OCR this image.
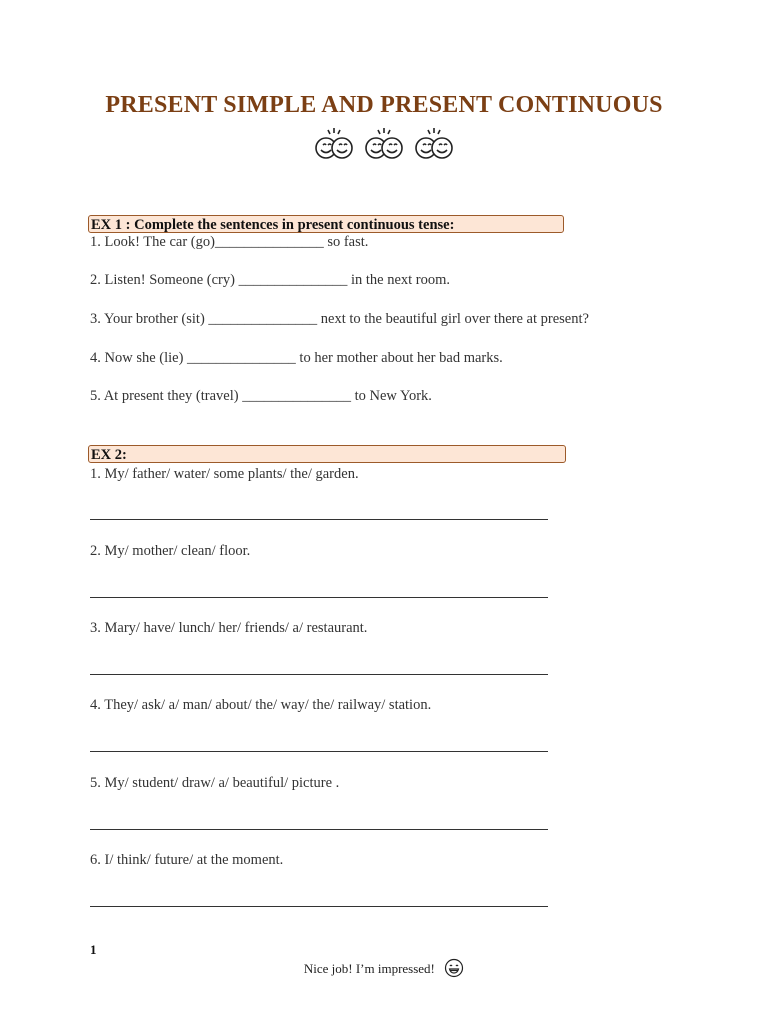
PRESENT SIMPLE AND PRESENT CONTINUOUS
EX 1 : Complete the sentences in present continuous tense:
1. Look! The car (go)_______________ so fast.
2. Listen! Someone (cry) _______________ in the next room.
3. Your brother (sit) _______________ next to the beautiful girl over there at present?
4. Now she (lie) _______________ to her mother about her bad marks.
5. At present they (travel) _______________ to New York.
EX 2:
1. My/ father/ water/ some plants/ the/ garden.
2. My/ mother/ clean/ floor.
3. Mary/ have/ lunch/ her/ friends/ a/ restaurant.
4. They/ ask/ a/ man/ about/ the/ way/ the/ railway/ station.
5. My/ student/ draw/ a/ beautiful/ picture .
6. I/ think/ future/ at the moment.
1
Nice job! I’m impressed!
